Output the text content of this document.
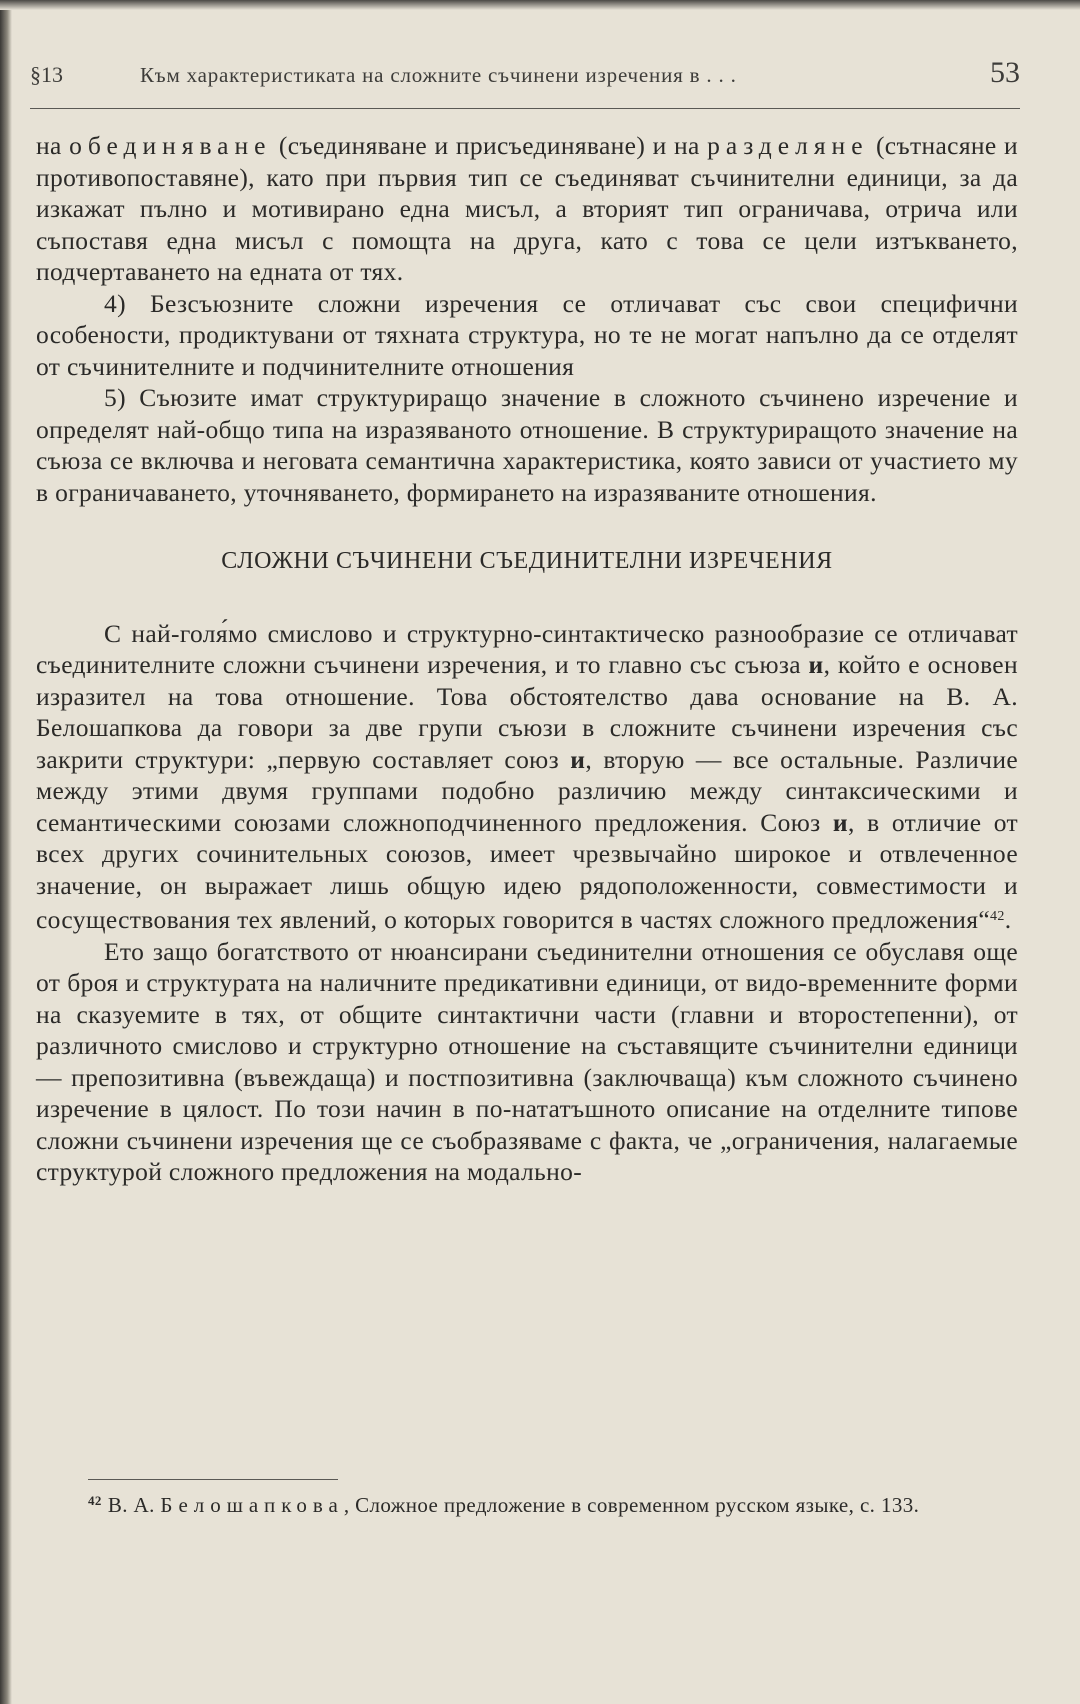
§13	Към характеристиката на сложните съчинени изречения в . . .	53

на обединяване (съединяване и присъединяване) и на разделяне (сътнасяне и противопоставяне), като при първия тип се съединяват съчинителни единици, за да изкажат пълно и мотивирано една мисъл, а вторият тип ограничава, отрича или съпоставя една мисъл с помощта на друга, като с това се цели изтъкването, подчертаването на едната от тях.

4) Безсъюзните сложни изречения се отличават със свои специфични особености, продиктувани от тяхната структура, но те не могат напълно да се отделят от съчинителните и подчинителните отношения

5) Съюзите имат структуриращо значение в сложното съчинено изречение и определят най-общо типа на изразяваното отношение. В структуриращото значение на съюза се включва и неговата семантична характеристика, която зависи от участието му в ограничаването, уточняването, формирането на изразяваните отношения.

СЛОЖНИ СЪЧИНЕНИ СЪЕДИНИТЕЛНИ ИЗРЕЧЕНИЯ

С най-голя́мо смислово и структурно-синтактическо разнообразие се отличават съединителните сложни съчинени изречения, и то главно със съюза и, който е основен изразител на това отношение. Това обстоятелство дава основание на В. А. Белошапкова да говори за две групи съюзи в сложните съчинени изречения със закрити структури: „первую составляет союз и, вторую — все остальные. Различие между этими двумя группами подобно различию между синтаксическими и семантическими союзами сложноподчиненного предложения. Союз и, в отличие от всех других сочинительных союзов, имеет чрезвычайно широкое и отвлеченное значение, он выражает лишь общую идею рядоположенности, совместимости и сосуществования тех явлений, о которых говорится в частях сложного предложения“$^{42}$.

Ето защо богатството от нюансирани съединителни отношения се обуславя още от броя и структурата на наличните предикативни единици, от видо-временните форми на сказуемите в тях, от общите синтактични части (главни и второстепенни), от различното смислово и структурно отношение на съставящите съчинителни единици — препозитивна (въвеждаща) и постпозитивна (заключваща) към сложното съчинено изречение в цялост. По този начин в по-нататъшното описание на отделните типове сложни съчинени изречения ще се съобразяваме с факта, че „ограничения, налагаемые структурой сложного предложения на модально-

$^{42}$ В. А. Белошапкова, Сложное предложение в современном русском языке, с. 133.
